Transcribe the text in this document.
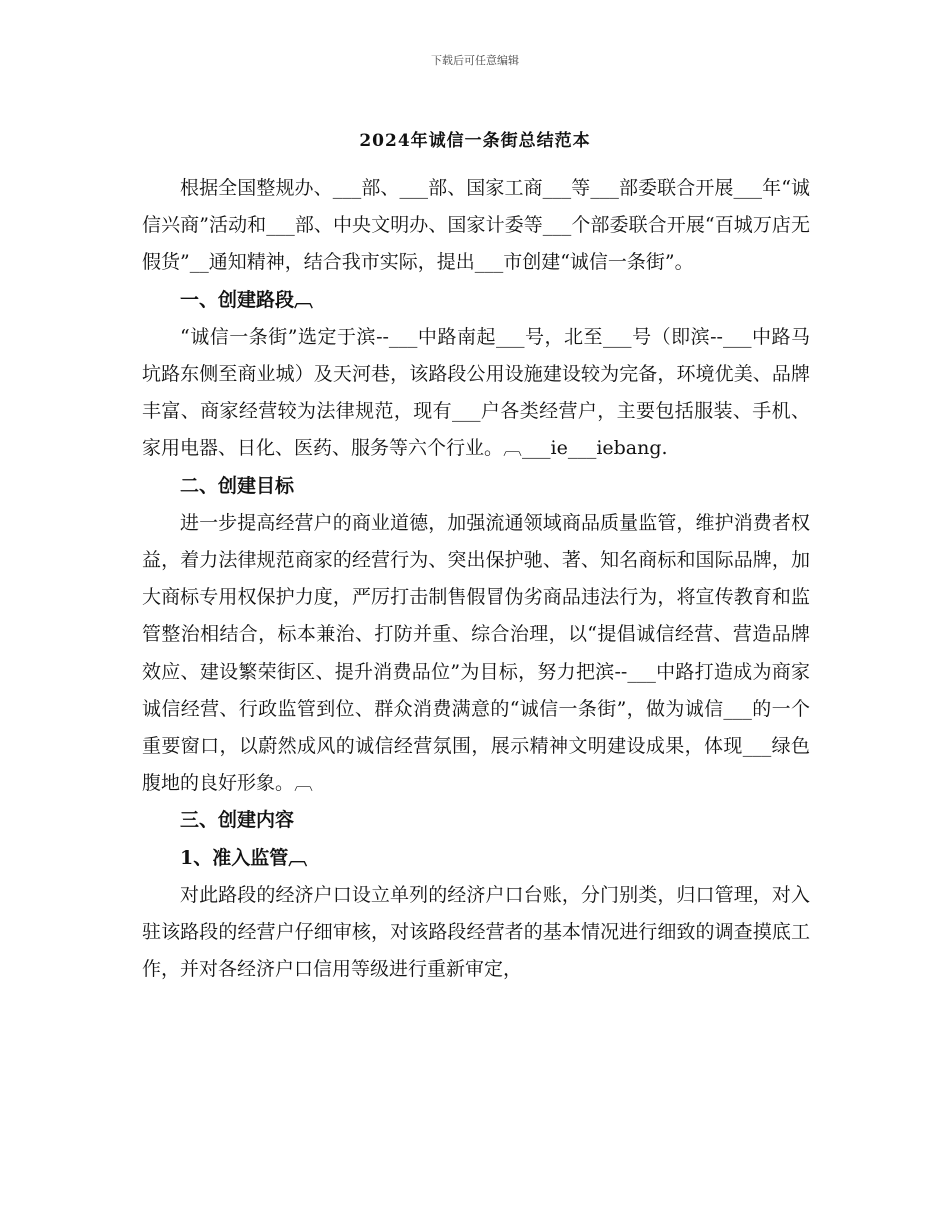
下载后可任意编辑
2024年诚信一条街总结范本

根据全国整规办、___部、___部、国家工商___等___部委联合开展___年“诚信兴商”活动和___部、中央文明办、国家计委等___个部委联合开展“百城万店无假货”__通知精神，结合我市实际，提出___市创建“诚信一条街”。

一、创建路段︹

“诚信一条街”选定于滨--___中路南起___号，北至___号（即滨--___中路马坑路东侧至商业城）及天河巷，该路段公用设施建设较为完备，环境优美、品牌丰富、商家经营较为法律规范，现有___户各类经营户，主要包括服装、手机、家用电器、日化、医药、服务等六个行业。︹___ie___iebang.

二、创建目标

进一步提高经营户的商业道德，加强流通领域商品质量监管，维护消费者权益，着力法律规范商家的经营行为、突出保护驰、著、知名商标和国际品牌，加大商标专用权保护力度，严厉打击制售假冒伪劣商品违法行为，将宣传教育和监管整治相结合，标本兼治、打防并重、综合治理，以“提倡诚信经营、营造品牌效应、建设繁荣街区、提升消费品位”为目标，努力把滨--___中路打造成为商家诚信经营、行政监管到位、群众消费满意的“诚信一条街”，做为诚信___的一个重要窗口，以蔚然成风的诚信经营氛围，展示精神文明建设成果，体现___绿色腹地的良好形象。︹

三、创建内容
1、准入监管︹

对此路段的经济户口设立单列的经济户口台账，分门别类，归口管理，对入驻该路段的经营户仔细审核，对该路段经营者的基本情况进行细致的调查摸底工作，并对各经济户口信用等级进行重新审定，
